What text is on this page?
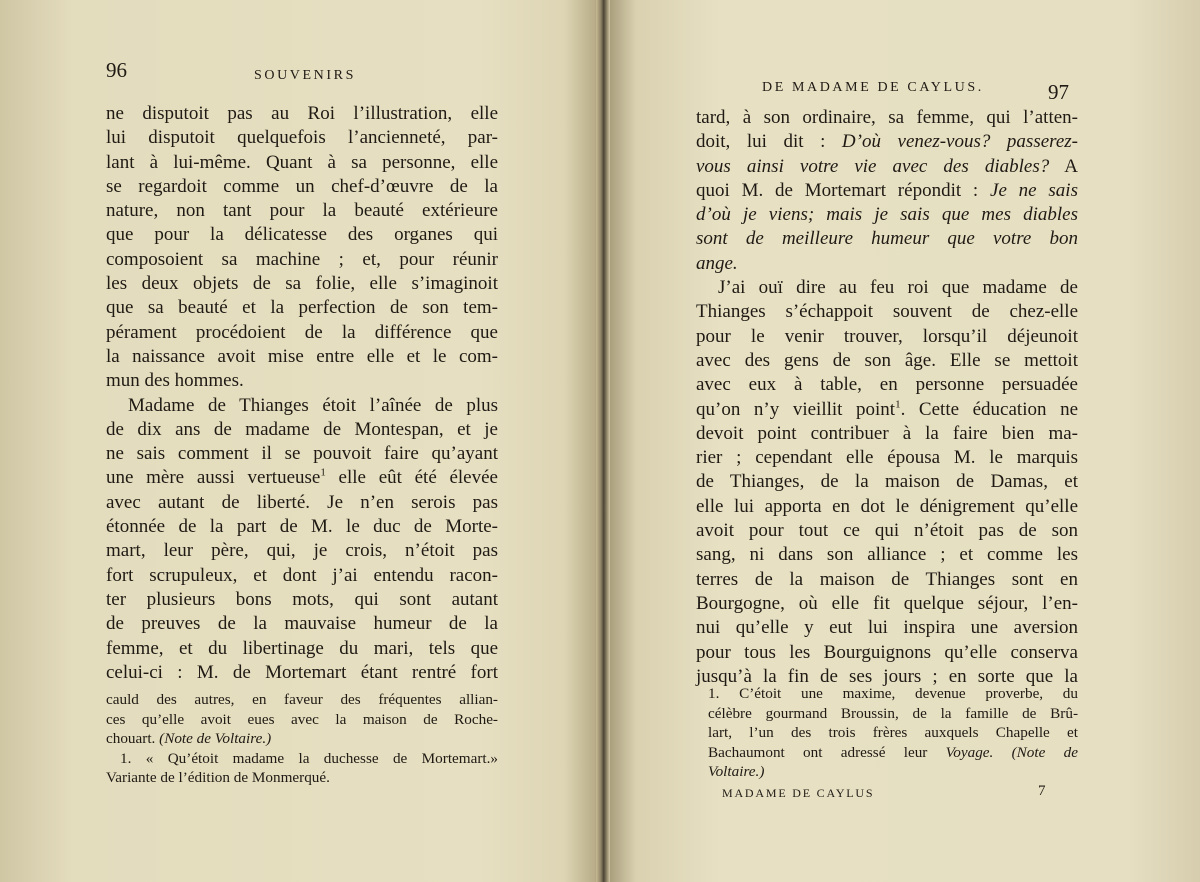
96	SOUVENIRS
ne disputoit pas au Roi l’illustration, elle
lui disputoit quelquefois l’ancienneté, par-
lant à lui-même. Quant à sa personne, elle
se regardoit comme un chef-d’œuvre de la
nature, non tant pour la beauté extérieure
que pour la délicatesse des organes qui
composoient sa machine ; et, pour réunir
les deux objets de sa folie, elle s’imaginoit
que sa beauté et la perfection de son tem-
pérament procédoient de la différence que
la naissance avoit mise entre elle et le com-
mun des hommes.
Madame de Thianges étoit l’aînée de plus
de dix ans de madame de Montespan, et je
ne sais comment il se pouvoit faire qu’ayant
une mère aussi vertueuse$^1$ elle eût été élevée
avec autant de liberté. Je n’en serois pas
étonnée de la part de M. le duc de Morte-
mart, leur père, qui, je crois, n’étoit pas
fort scrupuleux, et dont j’ai entendu racon-
ter plusieurs bons mots, qui sont autant
de preuves de la mauvaise humeur de la
femme, et du libertinage du mari, tels que
celui-ci : M. de Mortemart étant rentré fort
cauld des autres, en faveur des fréquentes allian-
ces qu’elle avoit eues avec la maison de Roche-
chouart. (Note de Voltaire.)
1. « Qu’étoit madame la duchesse de Mortemart.»
Variante de l’édition de Monmerqué.
DE MADAME DE CAYLUS.	97
tard, à son ordinaire, sa femme, qui l’atten-
doit, lui dit : D’où venez-vous? passerez-
vous ainsi votre vie avec des diables? A
quoi M. de Mortemart répondit : Je ne sais
d’où je viens; mais je sais que mes diables
sont de meilleure humeur que votre bon
ange.
J’ai ouï dire au feu roi que madame de
Thianges s’échappoit souvent de chez-elle
pour le venir trouver, lorsqu’il déjeunoit
avec des gens de son âge. Elle se mettoit
avec eux à table, en personne persuadée
qu’on n’y vieillit point$^1$. Cette éducation ne
devoit point contribuer à la faire bien ma-
rier ; cependant elle épousa M. le marquis
de Thianges, de la maison de Damas, et
elle lui apporta en dot le dénigrement qu’elle
avoit pour tout ce qui n’étoit pas de son
sang, ni dans son alliance ; et comme les
terres de la maison de Thianges sont en
Bourgogne, où elle fit quelque séjour, l’en-
nui qu’elle y eut lui inspira une aversion
pour tous les Bourguignons qu’elle conserva
jusqu’à la fin de ses jours ; en sorte que la
1. C’étoit une maxime, devenue proverbe, du
célèbre gourmand Broussin, de la famille de Brû-
lart, l’un des trois frères auxquels Chapelle et
Bachaumont ont adressé leur Voyage. (Note de
Voltaire.)
MADAME DE CAYLUS	7
